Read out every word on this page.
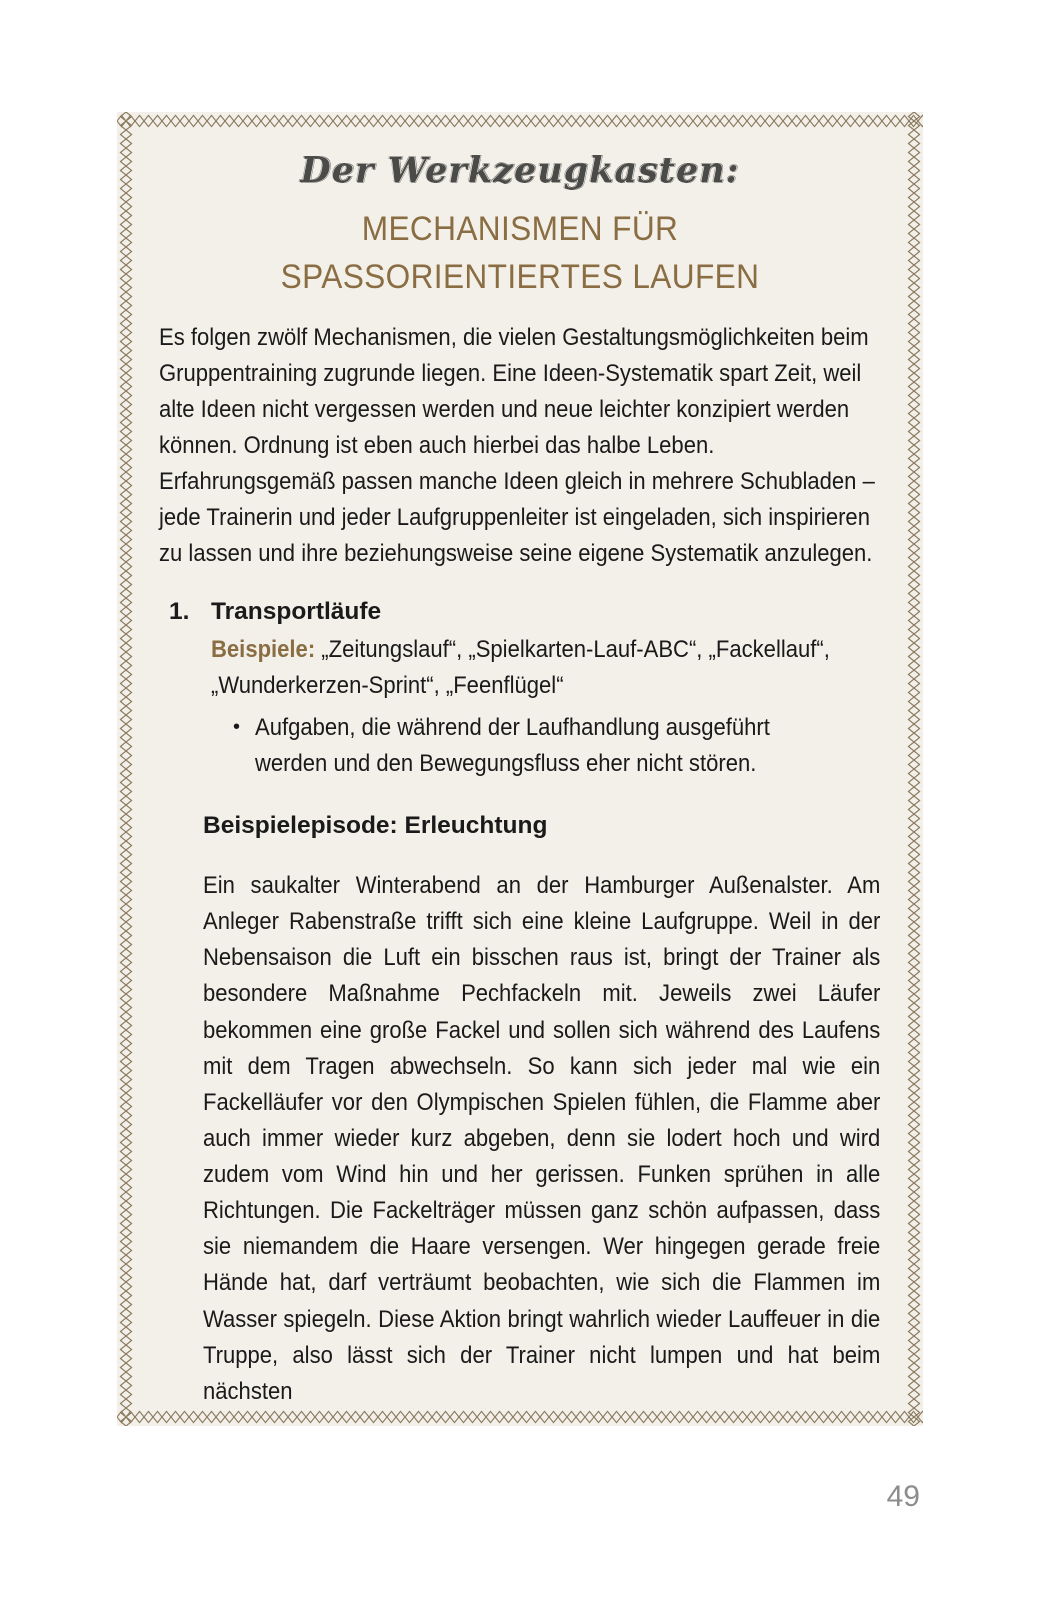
Der Werkzeugkasten:
MECHANISMEN FÜR
SPASSORIENTIERTES LAUFEN

Es folgen zwölf Mechanismen, die vielen Gestaltungsmöglichkeiten beim Gruppentraining zugrunde liegen. Eine Ideen-Systematik spart Zeit, weil alte Ideen nicht vergessen werden und neue leichter konzipiert werden können. Ordnung ist eben auch hierbei das halbe Leben. Erfahrungsgemäß passen manche Ideen gleich in mehrere Schubladen – jede Trainerin und jeder Laufgruppenleiter ist eingeladen, sich inspirieren zu lassen und ihre beziehungsweise seine eigene Systematik anzulegen.

1. Transportläufe

Beispiele: „Zeitungslauf“, „Spielkarten-Lauf-ABC“, „Fackellauf“, „Wunderkerzen-Sprint“, „Feenflügel“

• Aufgaben, die während der Laufhandlung ausgeführt werden und den Bewegungsfluss eher nicht stören.
Beispielepisode: Erleuchtung

Ein saukalter Winterabend an der Hamburger Außenalster. Am Anleger Rabenstraße trifft sich eine kleine Laufgruppe. Weil in der Nebensaison die Luft ein bisschen raus ist, bringt der Trainer als besondere Maßnahme Pechfackeln mit. Jeweils zwei Läufer bekommen eine große Fackel und sollen sich während des Laufens mit dem Tragen abwechseln. So kann sich jeder mal wie ein Fackelläufer vor den Olympischen Spielen fühlen, die Flamme aber auch immer wieder kurz abgeben, denn sie lodert hoch und wird zudem vom Wind hin und her gerissen. Funken sprühen in alle Richtungen. Die Fackelträger müssen ganz schön aufpassen, dass sie niemandem die Haare versengen. Wer hingegen gerade freie Hände hat, darf verträumt beobachten, wie sich die Flammen im Wasser spiegeln. Diese Aktion bringt wahrlich wieder Lauffeuer in die Truppe, also lässt sich der Trainer nicht lumpen und hat beim nächsten

49
